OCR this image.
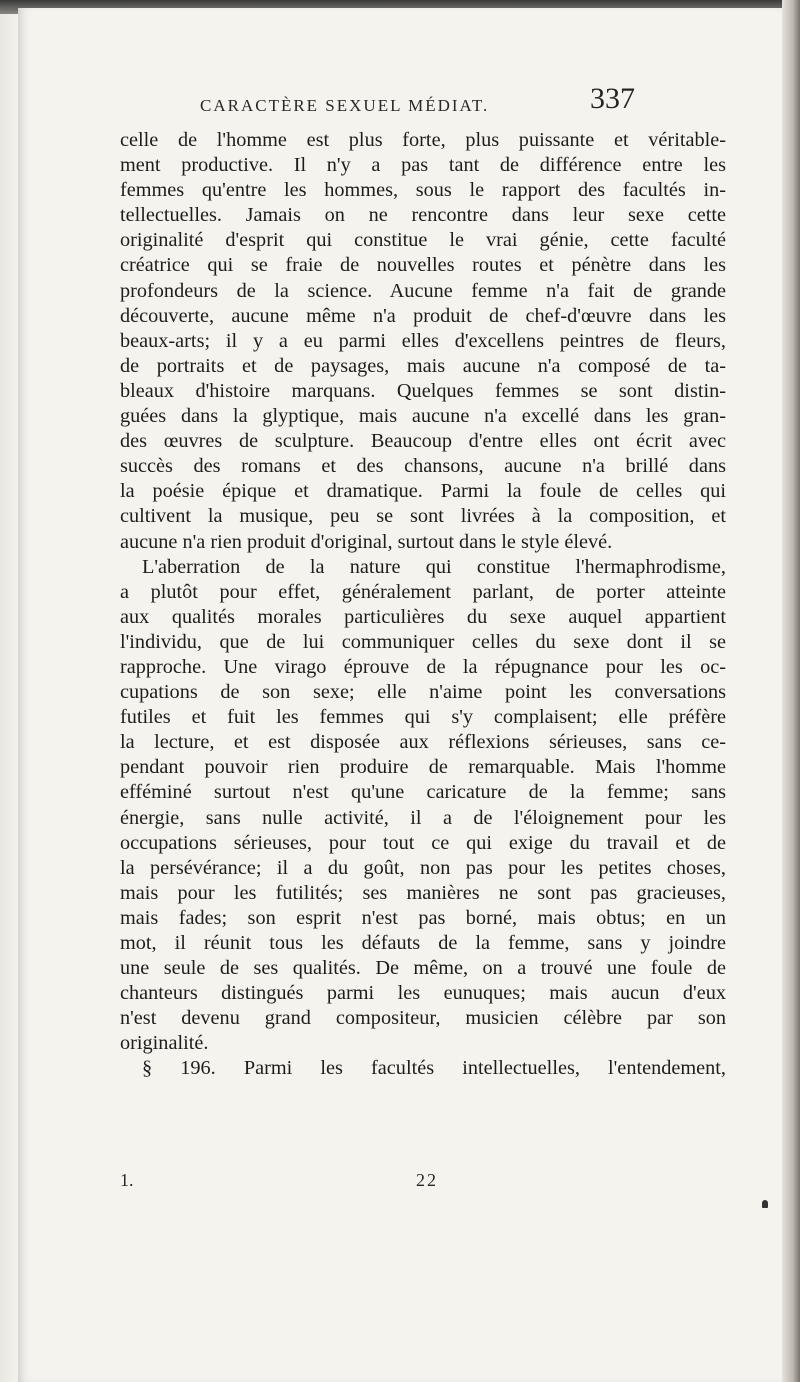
CARACTÈRE SEXUEL MÉDIAT.	337
celle de l'homme est plus forte, plus puissante et véritable-
ment productive. Il n'y a pas tant de différence entre les
femmes qu'entre les hommes, sous le rapport des facultés in-
tellectuelles. Jamais on ne rencontre dans leur sexe cette
originalité d'esprit qui constitue le vrai génie, cette faculté
créatrice qui se fraie de nouvelles routes et pénètre dans les
profondeurs de la science. Aucune femme n'a fait de grande
découverte, aucune même n'a produit de chef-d'œuvre dans les
beaux-arts; il y a eu parmi elles d'excellens peintres de fleurs,
de portraits et de paysages, mais aucune n'a composé de ta-
bleaux d'histoire marquans. Quelques femmes se sont distin-
guées dans la glyptique, mais aucune n'a excellé dans les gran-
des œuvres de sculpture. Beaucoup d'entre elles ont écrit avec
succès des romans et des chansons, aucune n'a brillé dans
la poésie épique et dramatique. Parmi la foule de celles qui
cultivent la musique, peu se sont livrées à la composition, et
aucune n'a rien produit d'original, surtout dans le style élevé.
L'aberration de la nature qui constitue l'hermaphrodisme,
a plutôt pour effet, généralement parlant, de porter atteinte
aux qualités morales particulières du sexe auquel appartient
l'individu, que de lui communiquer celles du sexe dont il se
rapproche. Une virago éprouve de la répugnance pour les oc-
cupations de son sexe; elle n'aime point les conversations
futiles et fuit les femmes qui s'y complaisent; elle préfère
la lecture, et est disposée aux réflexions sérieuses, sans ce-
pendant pouvoir rien produire de remarquable. Mais l'homme
efféminé surtout n'est qu'une caricature de la femme; sans
énergie, sans nulle activité, il a de l'éloignement pour les
occupations sérieuses, pour tout ce qui exige du travail et de
la persévérance; il a du goût, non pas pour les petites choses,
mais pour les futilités; ses manières ne sont pas gracieuses,
mais fades; son esprit n'est pas borné, mais obtus; en un
mot, il réunit tous les défauts de la femme, sans y joindre
une seule de ses qualités. De même, on a trouvé une foule de
chanteurs distingués parmi les eunuques; mais aucun d'eux
n'est devenu grand compositeur, musicien célèbre par son
originalité.
§ 196. Parmi les facultés intellectuelles, l'entendement,
1.	22
